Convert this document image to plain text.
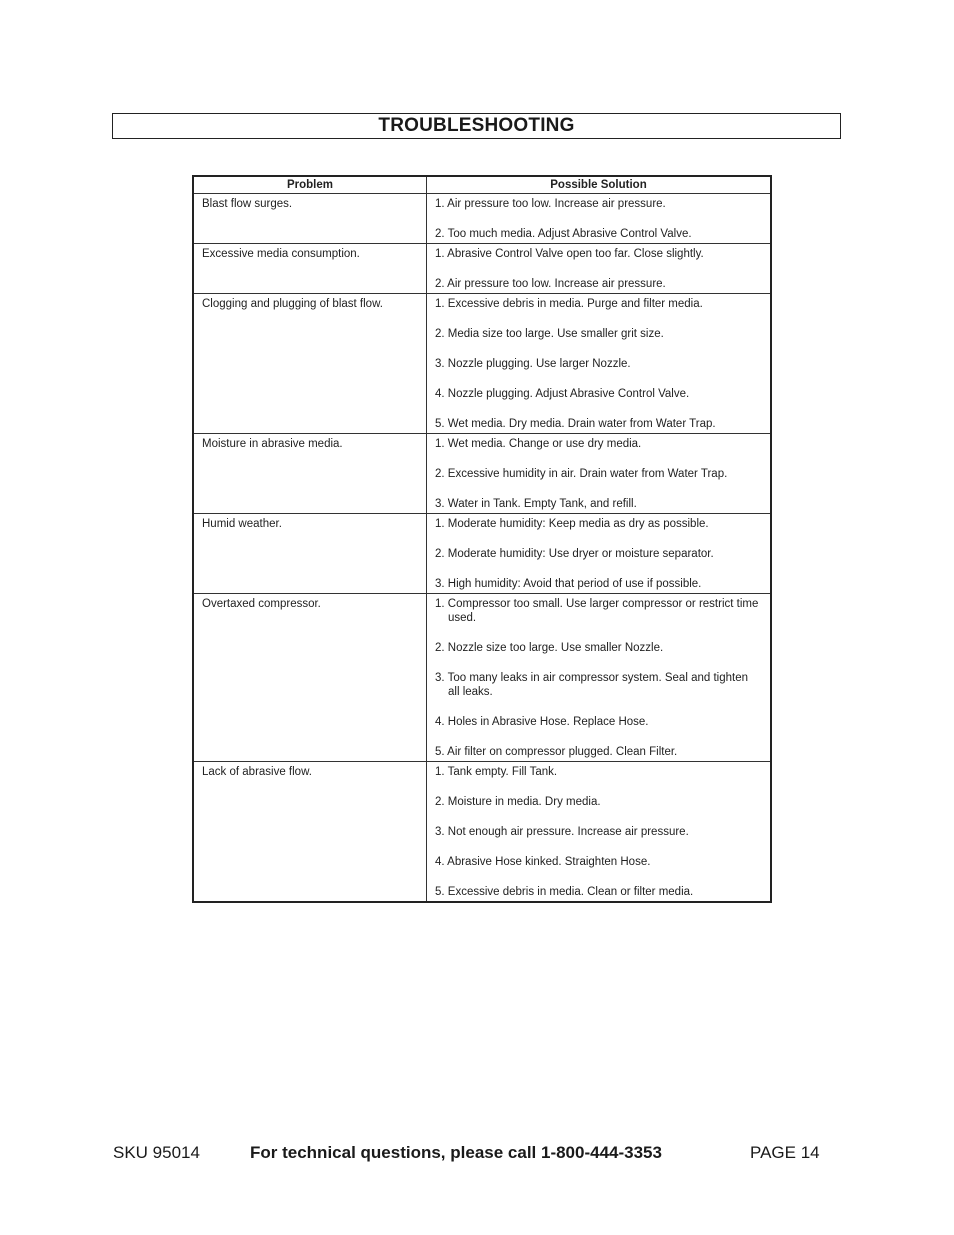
TROUBLESHOOTING
Problem	Possible Solution
Blast flow surges.	1. Air pressure too low. Increase air pressure.
2. Too much media. Adjust Abrasive Control Valve.

Excessive media consumption.	1. Abrasive Control Valve open too far. Close slightly.
2. Air pressure too low. Increase air pressure.

Clogging and plugging of blast flow.	1. Excessive debris in media. Purge and filter media.
2. Media size too large. Use smaller grit size.
3. Nozzle plugging. Use larger Nozzle.
4. Nozzle plugging. Adjust Abrasive Control Valve.
5. Wet media. Dry media. Drain water from Water Trap.

Moisture in abrasive media.	1. Wet media. Change or use dry media.
2. Excessive humidity in air. Drain water from Water Trap.
3. Water in Tank. Empty Tank, and refill.

Humid weather.	1. Moderate humidity: Keep media as dry as possible.
2. Moderate humidity: Use dryer or moisture separator.
3. High humidity: Avoid that period of use if possible.

Overtaxed compressor.	1. Compressor too small. Use larger compressor or restrict time used.
2. Nozzle size too large. Use smaller Nozzle.
3. Too many leaks in air compressor system. Seal and tighten all leaks.
4. Holes in Abrasive Hose. Replace Hose.
5. Air filter on compressor plugged. Clean Filter.

Lack of abrasive flow.	1. Tank empty. Fill Tank.
2. Moisture in media. Dry media.
3. Not enough air pressure. Increase air pressure.
4. Abrasive Hose kinked. Straighten Hose.
5. Excessive debris in media. Clean or filter media.
SKU 95014	For technical questions, please call 1-800-444-3353	PAGE 14
